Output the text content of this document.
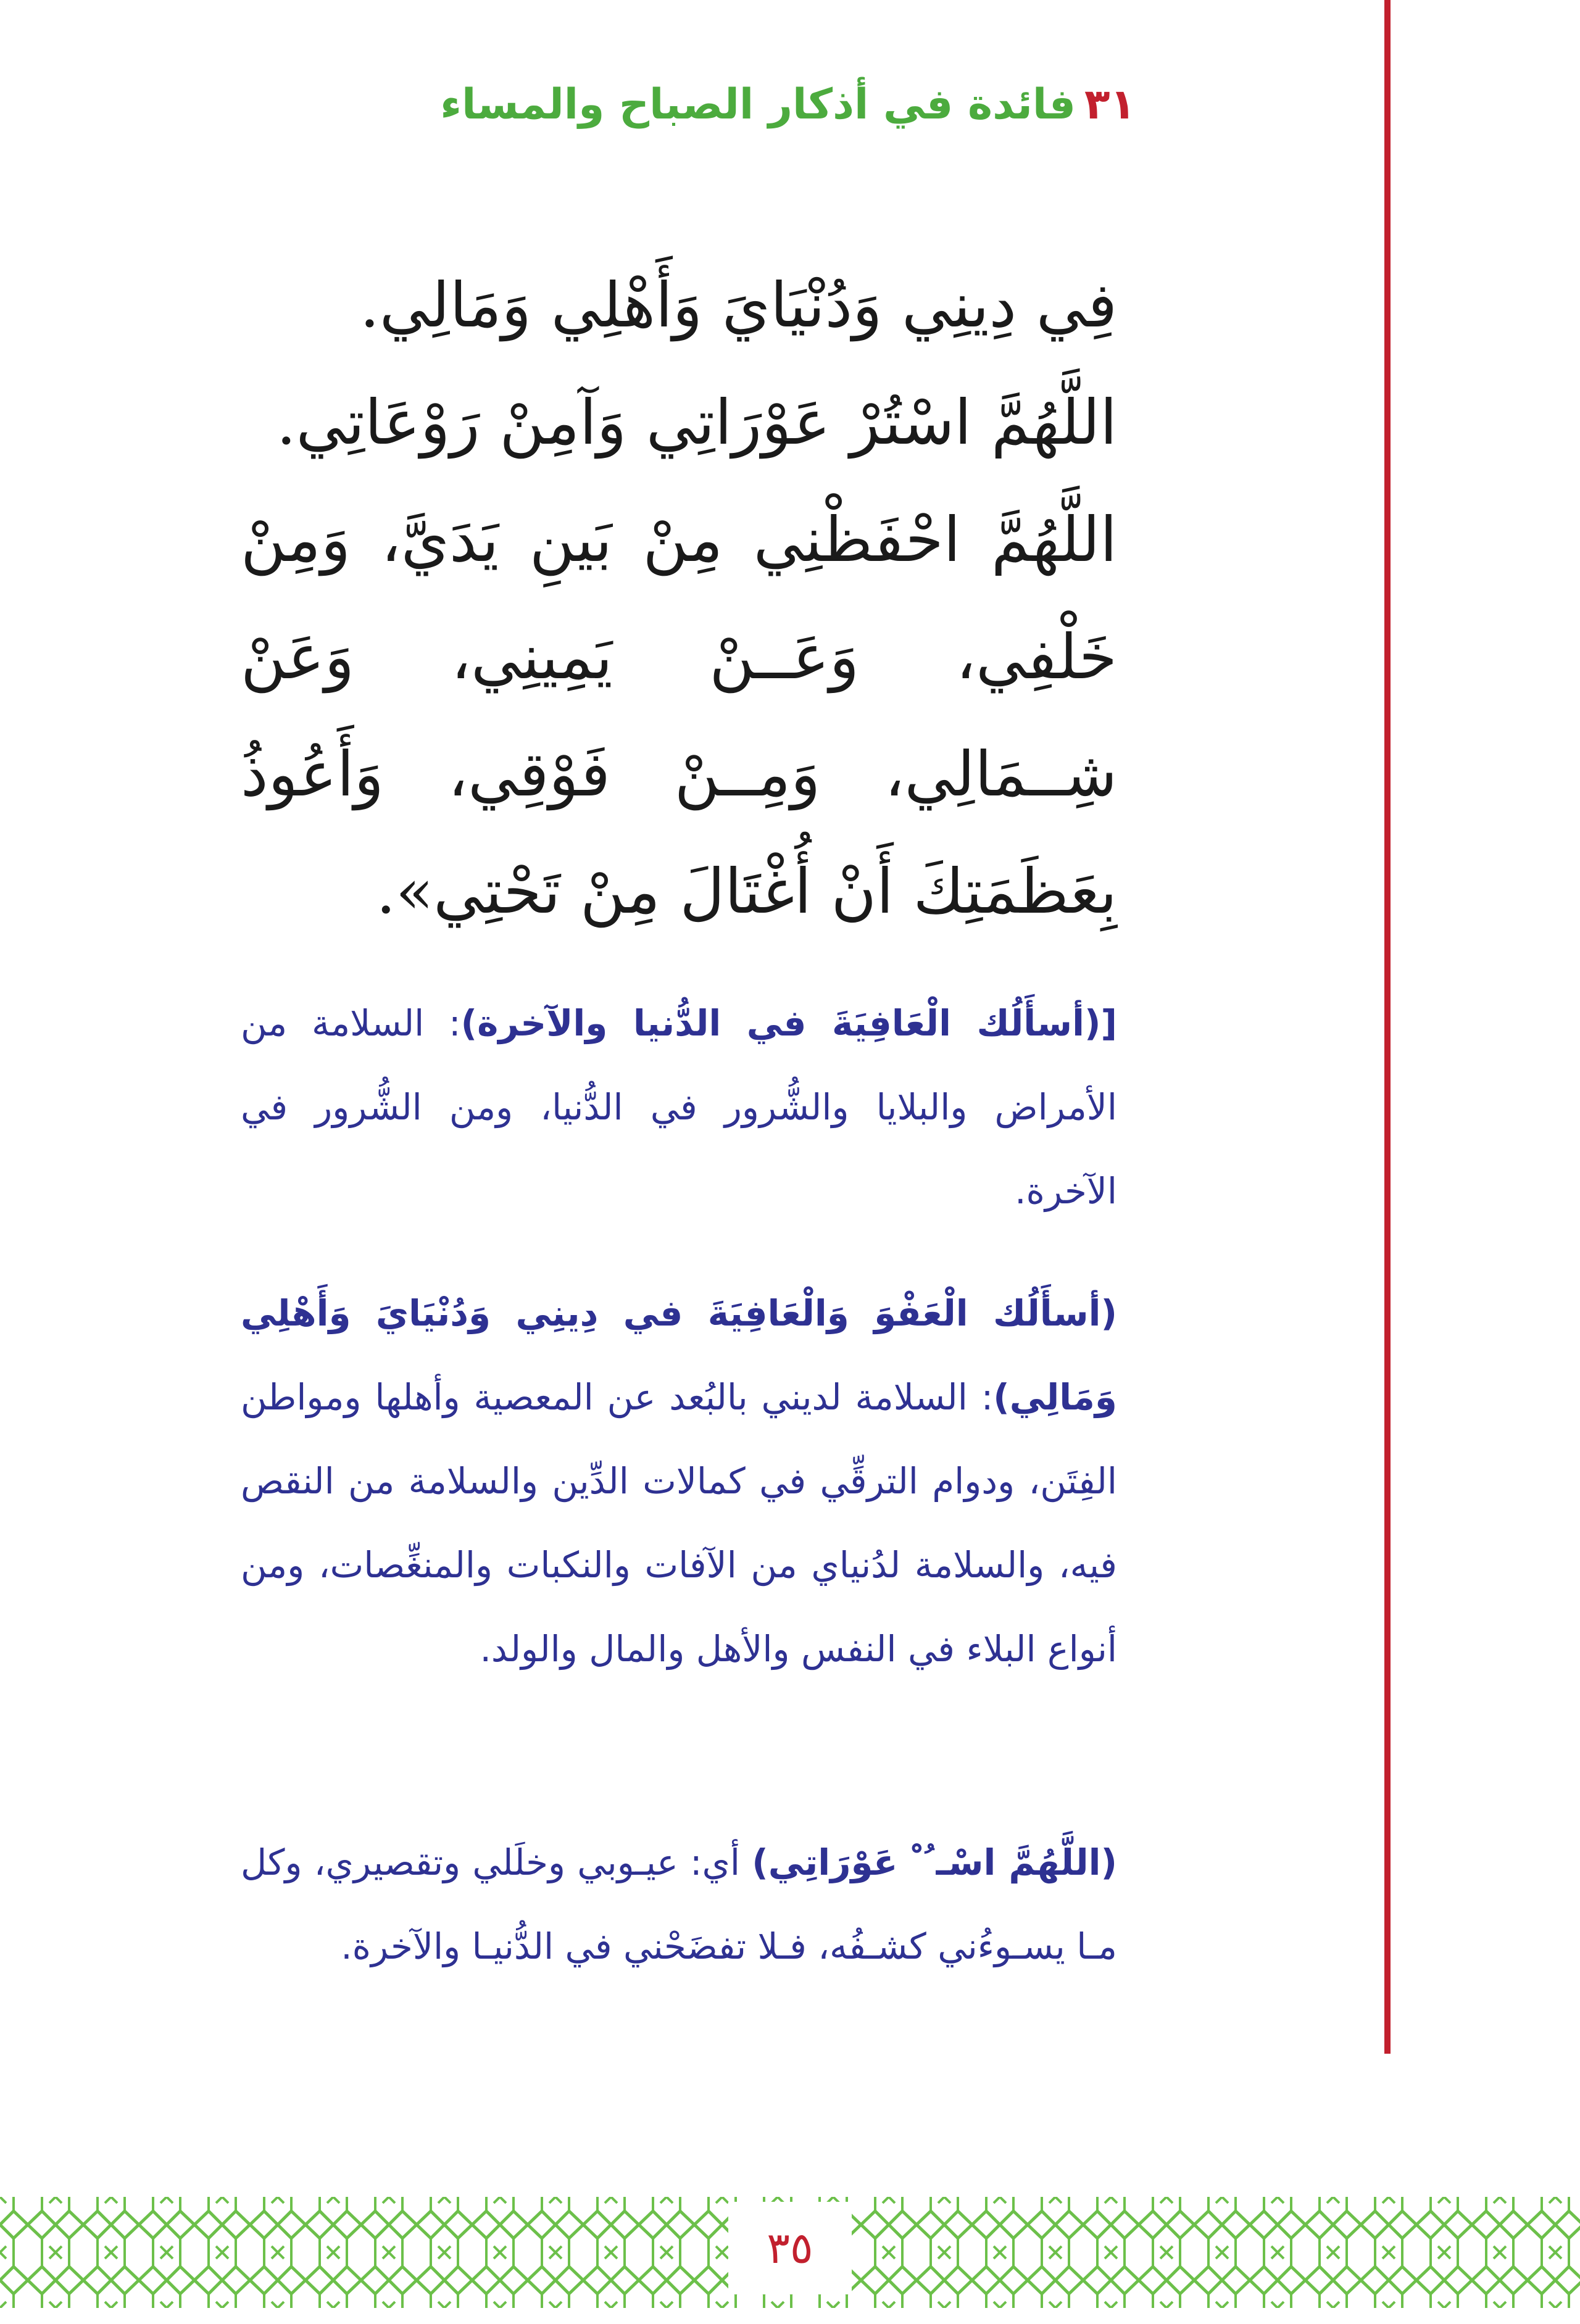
٣١فائدة في أذكار الصباح والمساء

فِي دِينِي وَدُنْيَايَ وَأَهْلِي وَمَالِي.

اللَّهُمَّ اسْتُرْ عَوْرَاتِي وَآمِنْ رَوْعَاتِي.

اللَّهُمَّ احْفَظْنِي مِنْ بَينِ يَدَيَّ، وَمِنْ خَلْفِي، وَعَــنْ يَمِينِي، وَعَنْ شِــمَالِي، وَمِــنْ فَوْقِي، وَأَعُوذُ بِعَظَمَتِكَ أَنْ أُغْتَالَ مِنْ تَحْتِي».

[(أسأَلُك الْعَافِيَةَ في الدُّنيا والآخرة): السلامة من الأمراض والبلايا والشُّرور في الدُّنيا، ومن الشُّرور في الآخرة.

(أسأَلُك الْعَفْوَ وَالْعَافِيَةَ في دِينِي وَدُنْيَايَ وَأَهْلِي وَمَالِي): السلامة لديني بالبُعد عن المعصية وأهلها ومواطن الفِتَن، ودوام الترقِّي في كمالات الدِّين والسلامة من النقص فيه، والسلامة لدُنياي من الآفات والنكبات والمنغِّصات، ومن أنواع البلاء في النفس والأهل والمال والولد.

(اللَّهُمَّ اسْـ ُ ْ عَوْرَاتِي) أي: عيـوبي وخلَلي وتقصيري، وكل مـا يسـوءُني كشـفُه، فـلا تفضَحْني في الدُّنيـا والآخرة.

٣٥
